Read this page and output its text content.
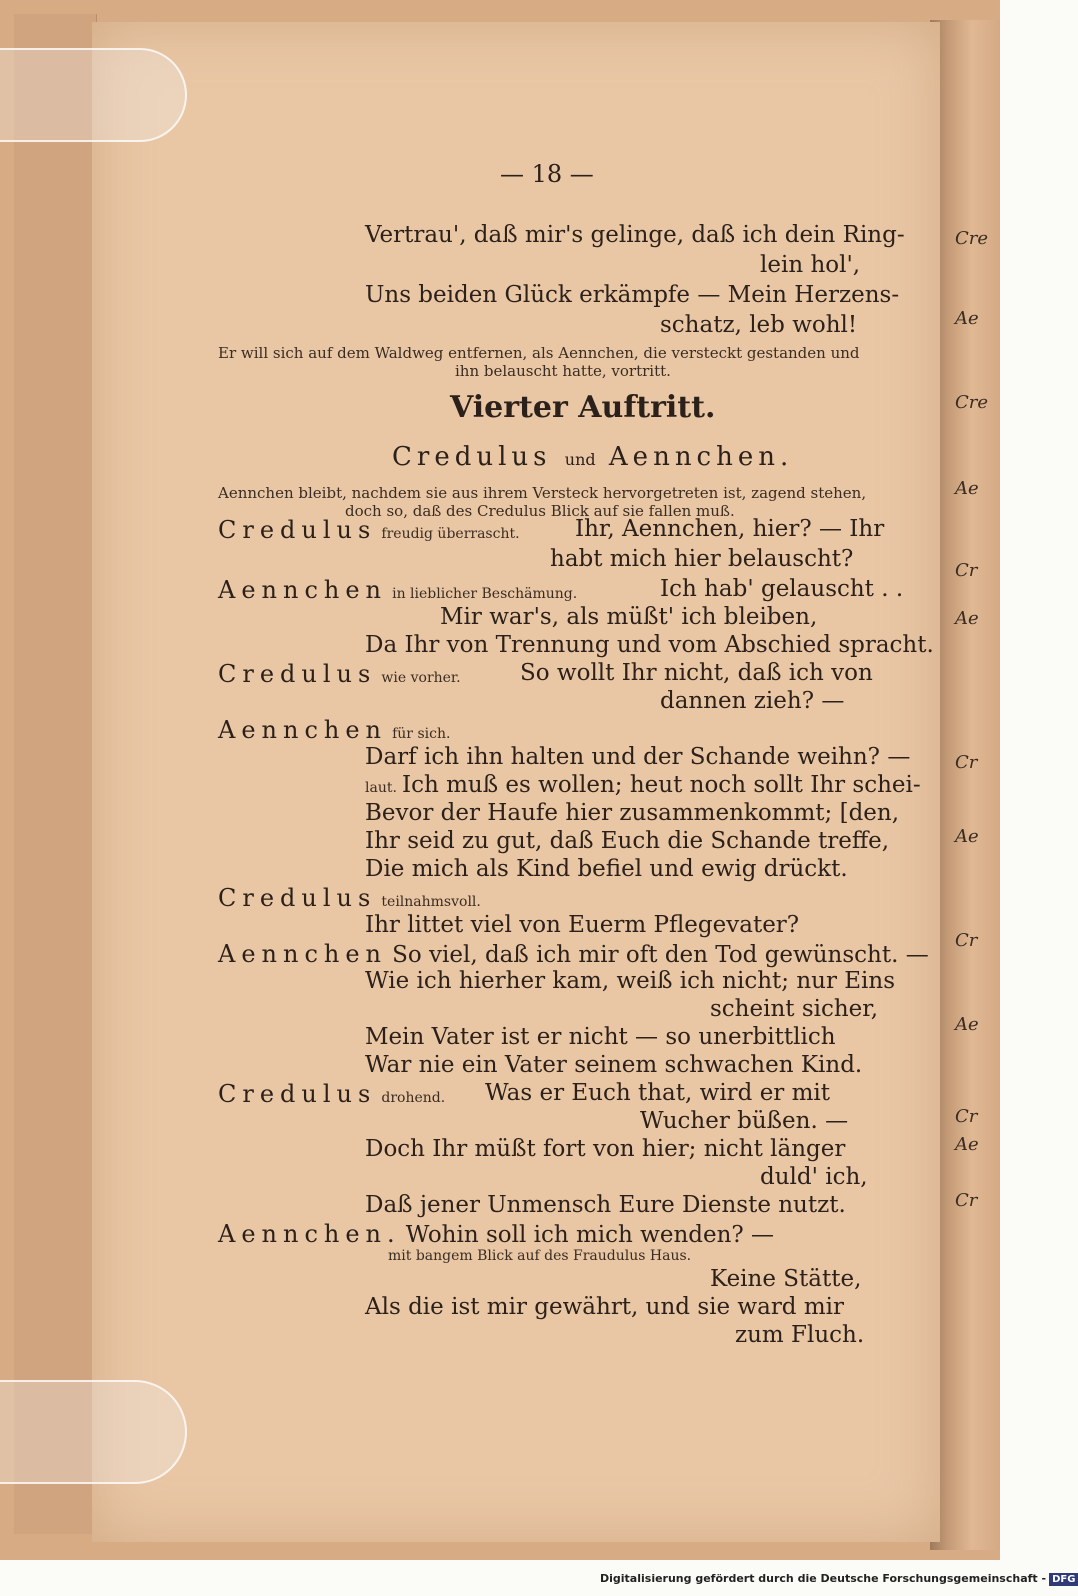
— 18 —
Vertrau', daß mir's gelinge, daß ich dein Ring-
lein hol',
Uns beiden Glück erkämpfe — Mein Herzens-
schatz, leb wohl!
Er will sich auf dem Waldweg entfernen, als Aennchen, die versteckt gestanden und
ihn belauscht hatte, vortritt.
Vierter Auftritt.
Credulus und Aennchen.
Aennchen bleibt, nachdem sie aus ihrem Versteck hervorgetreten ist, zagend stehen,
doch so, daß des Credulus Blick auf sie fallen muß.
Credulus freudig überrascht. Ihr, Aennchen, hier? — Ihr
habt mich hier belauscht?
Aennchen in lieblicher Beschämung.	Ich hab' gelauscht . .
Mir war's, als müßt' ich bleiben,
Da Ihr von Trennung und vom Abschied spracht.
Credulus wie vorher.	So wollt Ihr nicht, daß ich von
dannen zieh? —
Aennchen für sich.
Darf ich ihn halten und der Schande weihn? —
laut. Ich muß es wollen; heut noch sollt Ihr schei-
Bevor der Haufe hier zusammenkommt; [den,
Ihr seid zu gut, daß Euch die Schande treffe,
Die mich als Kind befiel und ewig drückt.
Credulus teilnahmsvoll.
Ihr littet viel von Euerm Pflegevater?
Aennchen So viel, daß ich mir oft den Tod gewünscht. —
Wie ich hierher kam, weiß ich nicht; nur Eins
scheint sicher,
Mein Vater ist er nicht — so unerbittlich
War nie ein Vater seinem schwachen Kind.
Credulus drohend. Was er Euch that, wird er mit
Wucher büßen. —
Doch Ihr müßt fort von hier; nicht länger
duld' ich,
Daß jener Unmensch Eure Dienste nutzt.
Aennchen. Wohin soll ich mich wenden? —
mit bangem Blick auf des Fraudulus Haus.
Keine Stätte,
Als die ist mir gewährt, und sie ward mir
zum Fluch.
Cre
Ae
Cre
Ae
Cr
Ae
Cr
Ae
Cr
Ae
Cr
Ae
Cr
Digitalisierung gefördert durch die Deutsche Forschungsgemeinschaft - DFG
